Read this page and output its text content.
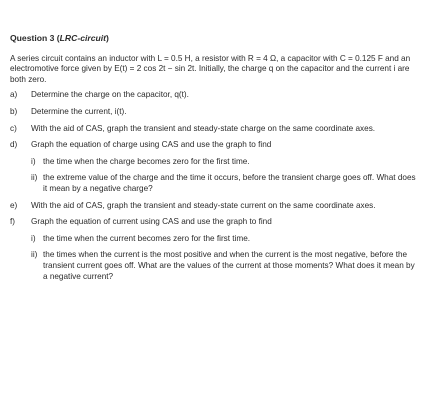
Question 3 (LRC-circuit)
A series circuit contains an inductor with L = 0.5 H, a resistor with R = 4 Ω, a capacitor with C = 0.125 F and an electromotive force given by E(t) = 2 cos 2t − sin 2t. Initially, the charge q on the capacitor and the current i are both zero.
a)	Determine the charge on the capacitor, q(t).
b)	Determine the current, i(t).
c)	With the aid of CAS, graph the transient and steady-state charge on the same coordinate axes.
d)	Graph the equation of charge using CAS and use the graph to find
i) the time when the charge becomes zero for the first time.
ii) the extreme value of the charge and the time it occurs, before the transient charge goes off. What does it mean by a negative charge?
e)	With the aid of CAS, graph the transient and steady-state current on the same coordinate axes.
f)	Graph the equation of current using CAS and use the graph to find
i) the time when the current becomes zero for the first time.
ii) the times when the current is the most positive and when the current is the most negative, before the transient current goes off. What are the values of the current at those moments? What does it mean by a negative current?
